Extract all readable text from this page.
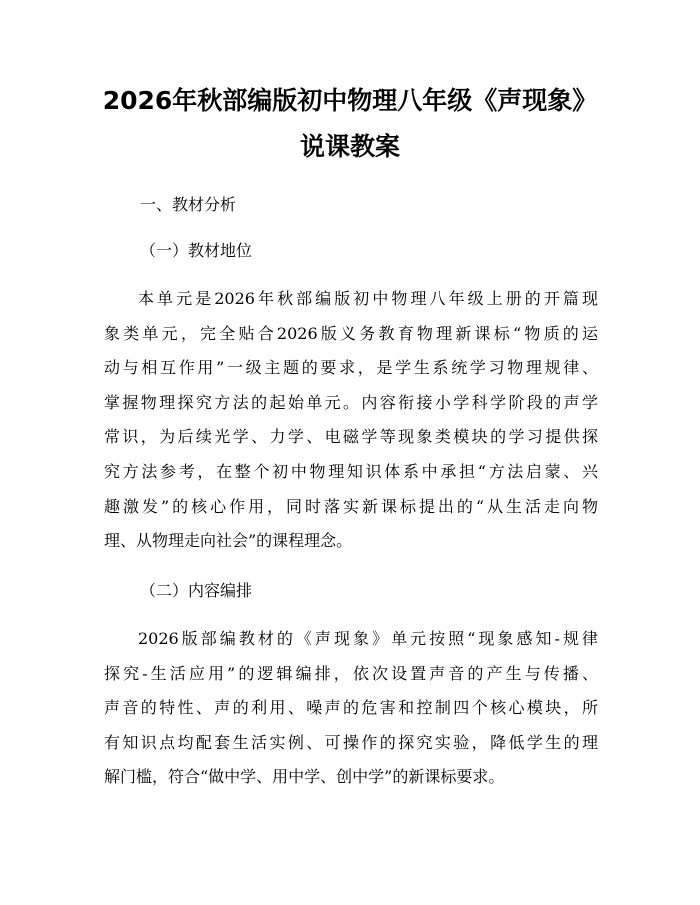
2026年秋部编版初中物理八年级《声现象》
说课教案
一、教材分析
（一）教材地位
本单元是2026年秋部编版初中物理八年级上册的开篇现
象类单元，完全贴合2026版义务教育物理新课标“物质的运
动与相互作用”一级主题的要求，是学生系统学习物理规律、
掌握物理探究方法的起始单元。内容衔接小学科学阶段的声学
常识，为后续光学、力学、电磁学等现象类模块的学习提供探
究方法参考，在整个初中物理知识体系中承担“方法启蒙、兴
趣激发”的核心作用，同时落实新课标提出的“从生活走向物
理、从物理走向社会”的课程理念。
（二）内容编排
2026版部编教材的《声现象》单元按照“现象感知-规律
探究-生活应用”的逻辑编排，依次设置声音的产生与传播、
声音的特性、声的利用、噪声的危害和控制四个核心模块，所
有知识点均配套生活实例、可操作的探究实验，降低学生的理
解门槛，符合“做中学、用中学、创中学”的新课标要求。
